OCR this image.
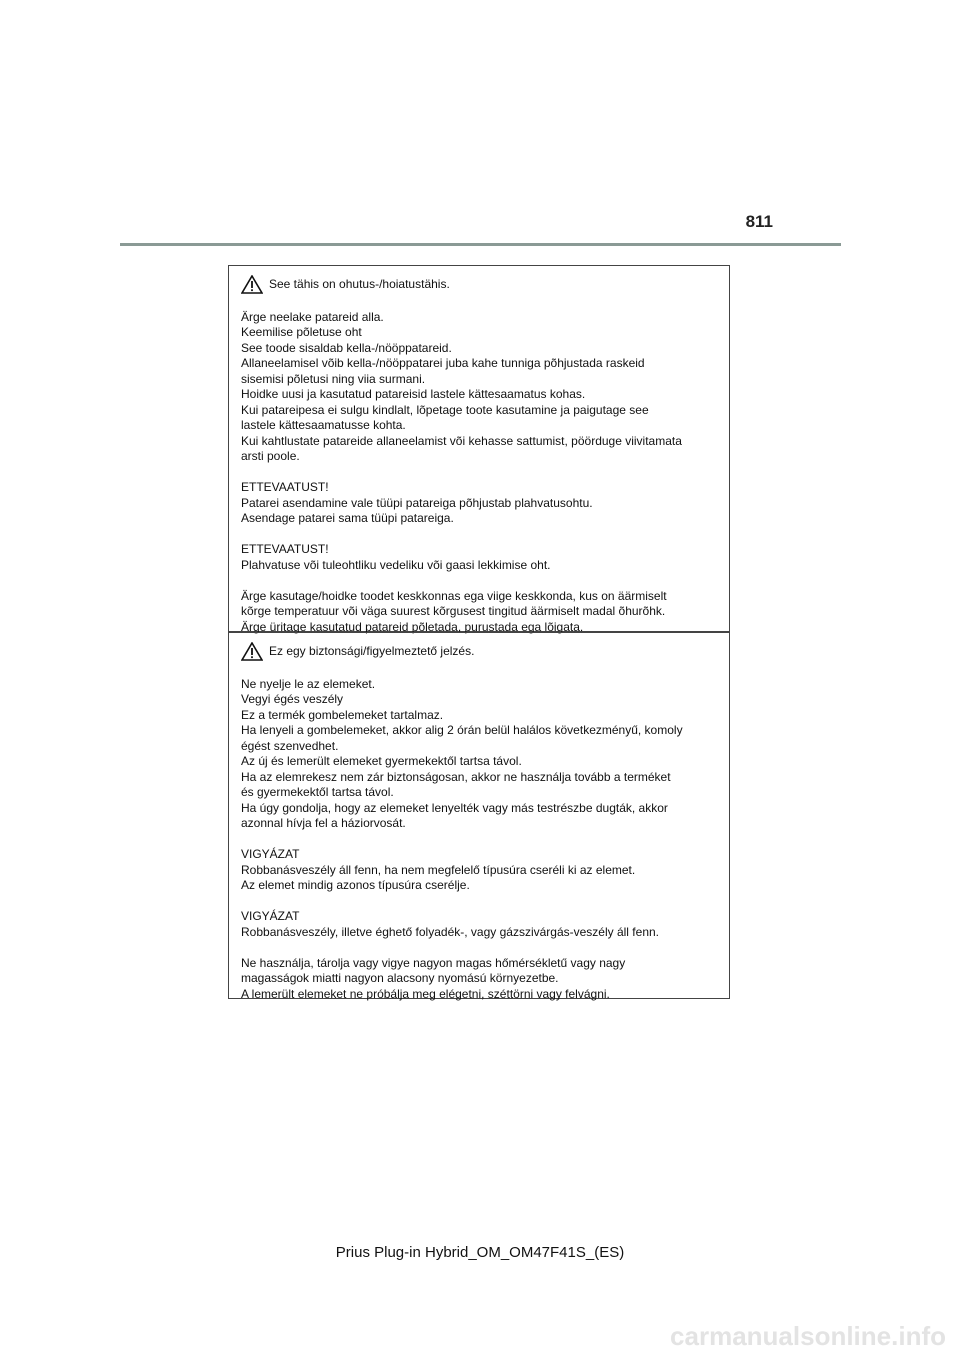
811
See tähis on ohutus-/hoiatustähis.

Ärge neelake patareid alla.

Keemilise põletuse oht

See toode sisaldab kella-/nööppatareid.

Allaneelamisel võib kella-/nööppatarei juba kahe tunniga põhjustada raskeid

sisemisi põletusi ning viia surmani.

Hoidke uusi ja kasutatud patareisid lastele kättesaamatus kohas.

Kui patareipesa ei sulgu kindlalt, lõpetage toote kasutamine ja paigutage see

lastele kättesaamatusse kohta.

Kui kahtlustate patareide allaneelamist või kehasse sattumist, pöörduge viivitamata

arsti poole.

ETTEVAATUST!

Patarei asendamine vale tüüpi patareiga põhjustab plahvatusohtu.

Asendage patarei sama tüüpi patareiga.

ETTEVAATUST!

Plahvatuse või tuleohtliku vedeliku või gaasi lekkimise oht.

Ärge kasutage/hoidke toodet keskkonnas ega viige keskkonda, kus on äärmiselt

kõrge temperatuur või väga suurest kõrgusest tingitud äärmiselt madal õhurõhk.

Ärge üritage kasutatud patareid põletada, purustada ega lõigata.

Ez egy biztonsági/figyelmeztető jelzés.

Ne nyelje le az elemeket.

Vegyi égés veszély

Ez a termék gombelemeket tartalmaz.

Ha lenyeli a gombelemeket, akkor alig 2 órán belül halálos következményű, komoly

égést szenvedhet.

Az új és lemerült elemeket gyermekektől tartsa távol.

Ha az elemrekesz nem zár biztonságosan, akkor ne használja tovább a terméket

és gyermekektől tartsa távol.

Ha úgy gondolja, hogy az elemeket lenyelték vagy más testrészbe dugták, akkor

azonnal hívja fel a háziorvosát.

VIGYÁZAT

Robbanásveszély áll fenn, ha nem megfelelő típusúra cseréli ki az elemet.

Az elemet mindig azonos típusúra cserélje.

VIGYÁZAT

Robbanásveszély, illetve éghető folyadék-, vagy gázszivárgás-veszély áll fenn.

Ne használja, tárolja vagy vigye nagyon magas hőmérsékletű vagy nagy

magasságok miatti nagyon alacsony nyomású környezetbe.

A lemerült elemeket ne próbálja meg elégetni, széttörni vagy felvágni.

Prius Plug-in Hybrid_OM_OM47F41S_(ES)
carmanualsonline.info
